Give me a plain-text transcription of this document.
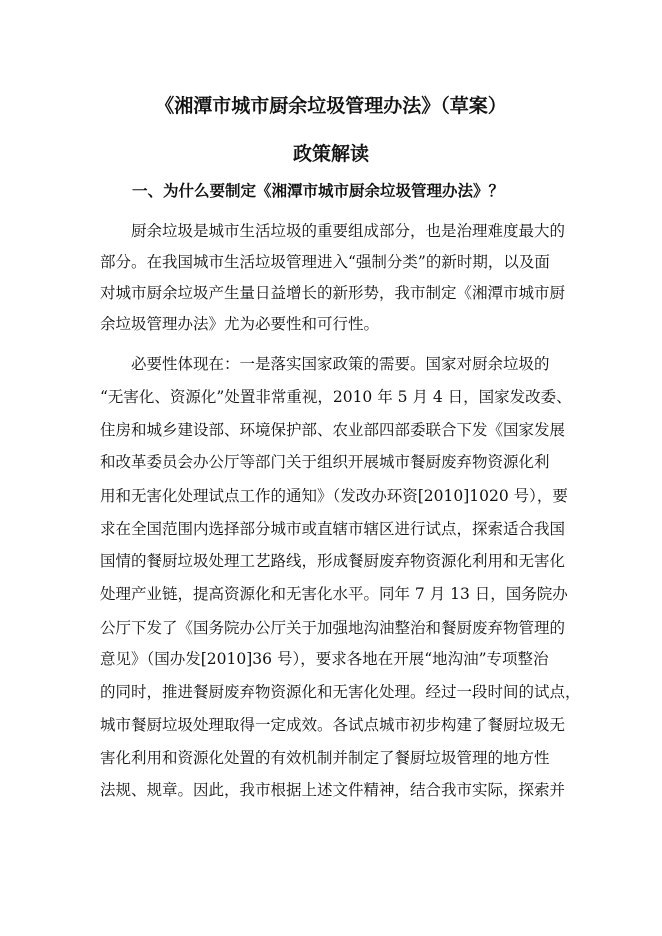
《湘潭市城市厨余垃圾管理办法》（草案）
政策解读
一、为什么要制定《湘潭市城市厨余垃圾管理办法》？
厨余垃圾是城市生活垃圾的重要组成部分，也是治理难度最大的
部分。在我国城市生活垃圾管理进入“强制分类”的新时期，以及面
对城市厨余垃圾产生量日益增长的新形势，我市制定《湘潭市城市厨
余垃圾管理办法》尤为必要性和可行性。
必要性体现在：一是落实国家政策的需要。国家对厨余垃圾的
“无害化、资源化”处置非常重视，2010 年 5 月 4 日，国家发改委、
住房和城乡建设部、环境保护部、农业部四部委联合下发《国家发展
和改革委员会办公厅等部门关于组织开展城市餐厨废弃物资源化利
用和无害化处理试点工作的通知》（发改办环资[2010]1020 号），要
求在全国范围内选择部分城市或直辖市辖区进行试点，探索适合我国
国情的餐厨垃圾处理工艺路线，形成餐厨废弃物资源化利用和无害化
处理产业链，提高资源化和无害化水平。同年 7 月 13 日，国务院办
公厅下发了《国务院办公厅关于加强地沟油整治和餐厨废弃物管理的
意见》（国办发[2010]36 号），要求各地在开展“地沟油”专项整治
的同时，推进餐厨废弃物资源化和无害化处理。经过一段时间的试点，
城市餐厨垃圾处理取得一定成效。各试点城市初步构建了餐厨垃圾无
害化利用和资源化处置的有效机制并制定了餐厨垃圾管理的地方性
法规、规章。因此，我市根据上述文件精神，结合我市实际，探索并
